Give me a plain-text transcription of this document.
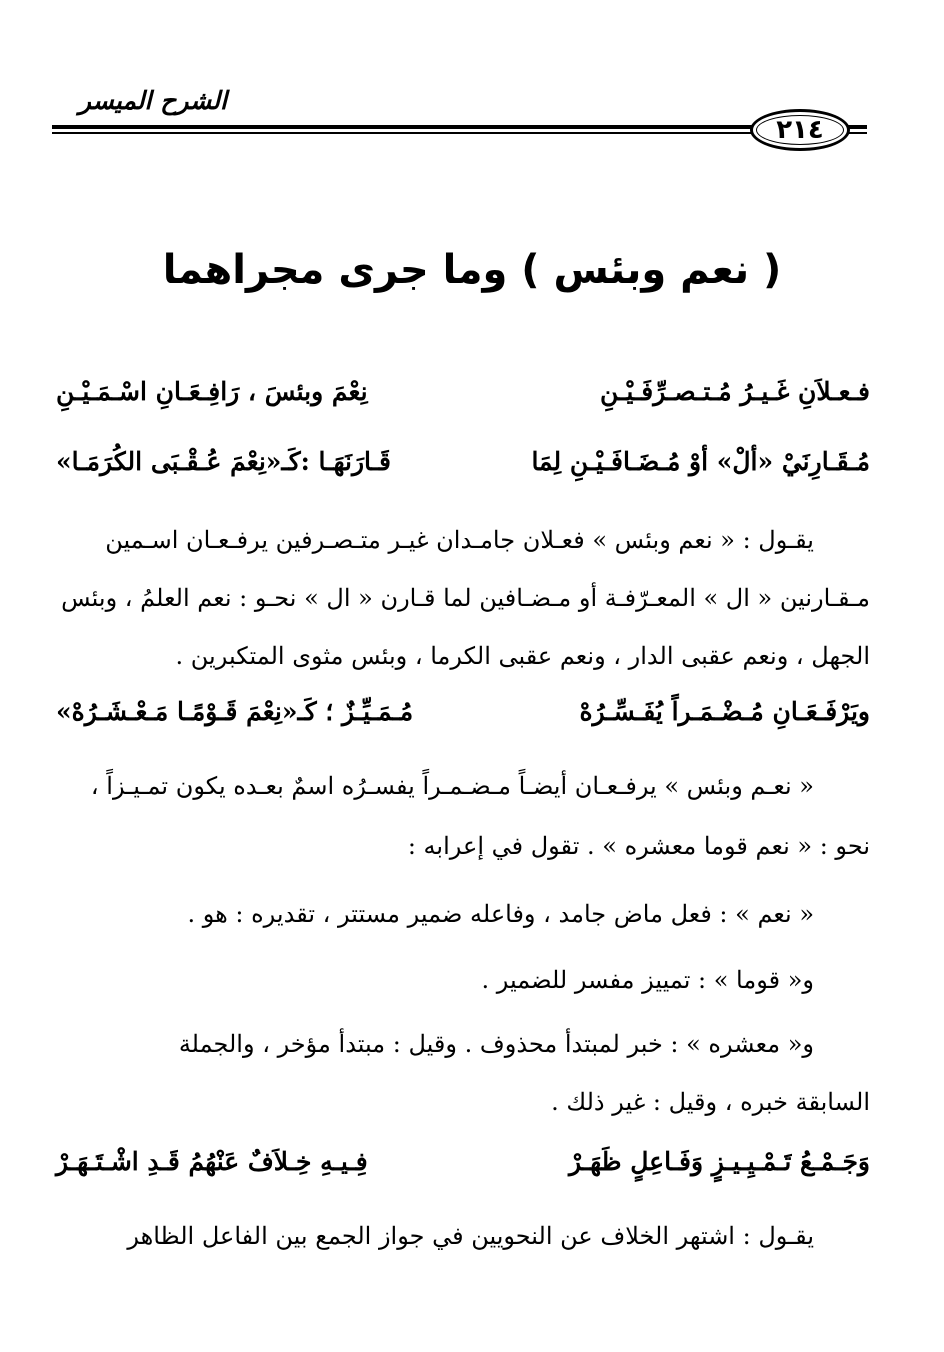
الشرح الميسر
٢١٤
( نعم وبئس ) وما جرى مجراهما
فـعـلاَنِ غَـيـرُ مُـتـصـرِّفَـيْـنِ
نِعْمَ وبئسَ ، رَافِـعَـانِ اسْـمَـيْـنِ
مُـقَـارِنَيْ «ألْ» أوْ مُـضَـافَـيْـنِ لِمَا
قَـارَنَهَـا :كَـ«نِعْمَ عُـقْـبَى الكُرَمَـا»
يقـول : « نعم وبئس » فعـلان جامـدان غيـر متـصـرفين يرفـعـان اسـمين
مـقـارنين « ال » المعـرّفـة أو مـضـافين لما قـارن « ال » نحـو : نعم العلمُ ، وبئس
الجهل ، ونعم عقبى الدار ، ونعم عقبى الكرما ، وبئس مثوى المتكبرين .
ويَرْفَـعَـانِ مُـضْـمَـراً يُفَـسِّـرُهْ
مُـمَـيِّـزٌ ؛ كَـ«نِعْمَ قَـوْمًـا مَـعْـشَـرُهْ»
« نعـم وبئس » يرفـعـان أيضـاً مـضـمـراً يفسـرُه اسمٌ بعـده يكون تمـيـزاً ،
نحو : « نعم قوما معشره » . تقول في إعرابه :
« نعم » : فعل ماض جامد ، وفاعله ضمير مستتر ، تقديره : هو .
و« قوما » : تمييز مفسر للضمير .
و« معشره » : خبر لمبتدأ محذوف . وقيل : مبتدأ مؤخر ، والجملة
السابقة خبره ، وقيل : غير ذلك .
وَجَـمْـعُ تَـمْـيِـيـزٍ وَفَـاعِلٍ ظَهَـرْ
فِـيـهِ خِـلاَفٌ عَنْهُمُ قَـدِ اشْـتَـهَـرْ
يقـول : اشتهر الخلاف عن النحويين في جواز الجمع بين الفاعل الظاهر
